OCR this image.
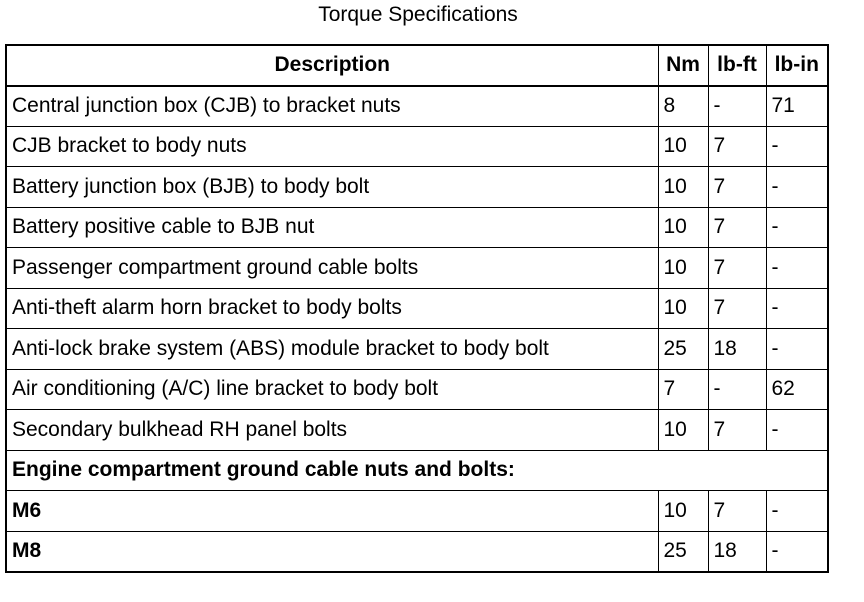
Torque Specifications
Description	Nm	lb-ft	lb-in
Central junction box (CJB) to bracket nuts	8	-	71
CJB bracket to body nuts	10	7	-
Battery junction box (BJB) to body bolt	10	7	-
Battery positive cable to BJB nut	10	7	-
Passenger compartment ground cable bolts	10	7	-
Anti-theft alarm horn bracket to body bolts	10	7	-
Anti-lock brake system (ABS) module bracket to body bolt	25	18	-
Air conditioning (A/C) line bracket to body bolt	7	-	62
Secondary bulkhead RH panel bolts	10	7	-
Engine compartment ground cable nuts and bolts:			
M6	10	7	-
M8	25	18	-
